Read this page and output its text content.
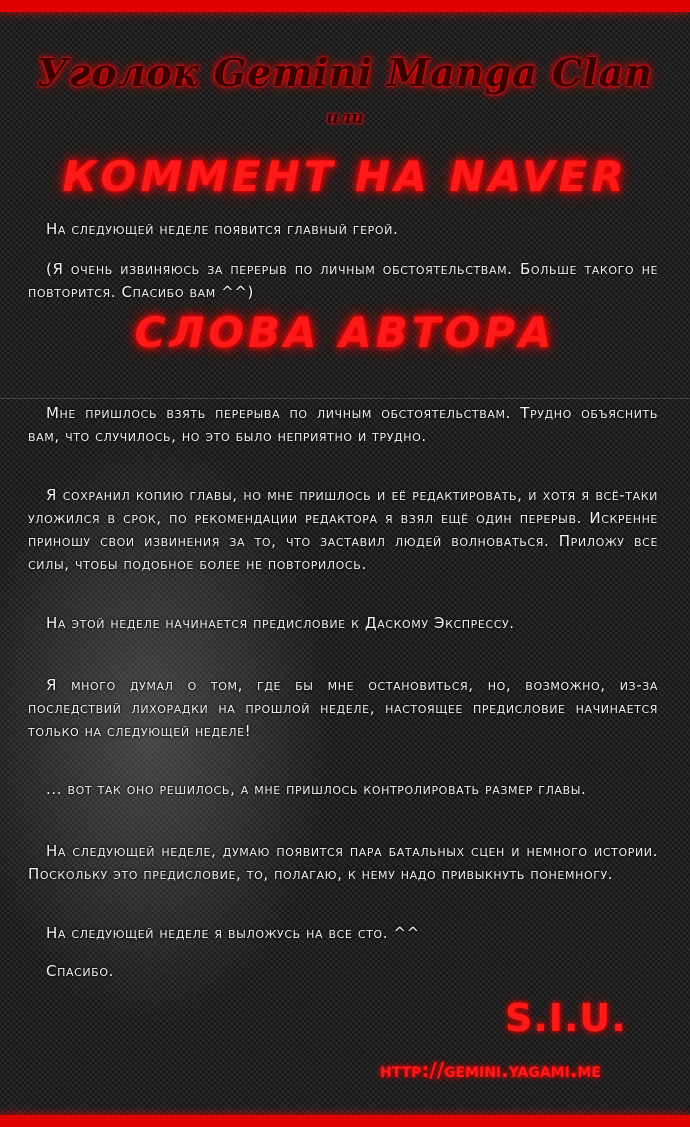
Уголок Gemini Manga Clan
или
КОММЕНТ НА NAVER
На следующей неделе появится главный герой.
(Я очень извиняюсь за перерыв по личным обстоятельствам. Больше такого не повторится. Спасибо вам ^^)
СЛОВА АВТОРА
Мне пришлось взять перерыва по личным обстоятельствам. Трудно объяснить вам, что случилось, но это было неприятно и трудно.
Я сохранил копию главы, но мне пришлось и её редактировать, и хотя я всё-таки уложился в срок, по рекомендации редактора я взял ещё один перерыв. Искренне приношу свои извинения за то, что заставил людей волноваться. Приложу все силы, чтобы подобное более не повторилось.
На этой неделе начинается предисловие к Даскому Экспрессу.
Я много думал о том, где бы мне остановиться, но, возможно, из-за последствий лихорадки на прошлой неделе, настоящее предисловие начинается только на следующей неделе!
... вот так оно решилось, а мне пришлось контролировать размер главы.
На следующей неделе, думаю появится пара батальных сцен и немного истории. Поскольку это предисловие, то, полагаю, к нему надо привыкнуть понемногу.
На следующей неделе я выложусь на все сто. ^^
Спасибо.
S.I.U.
http://gemini.yagami.me
